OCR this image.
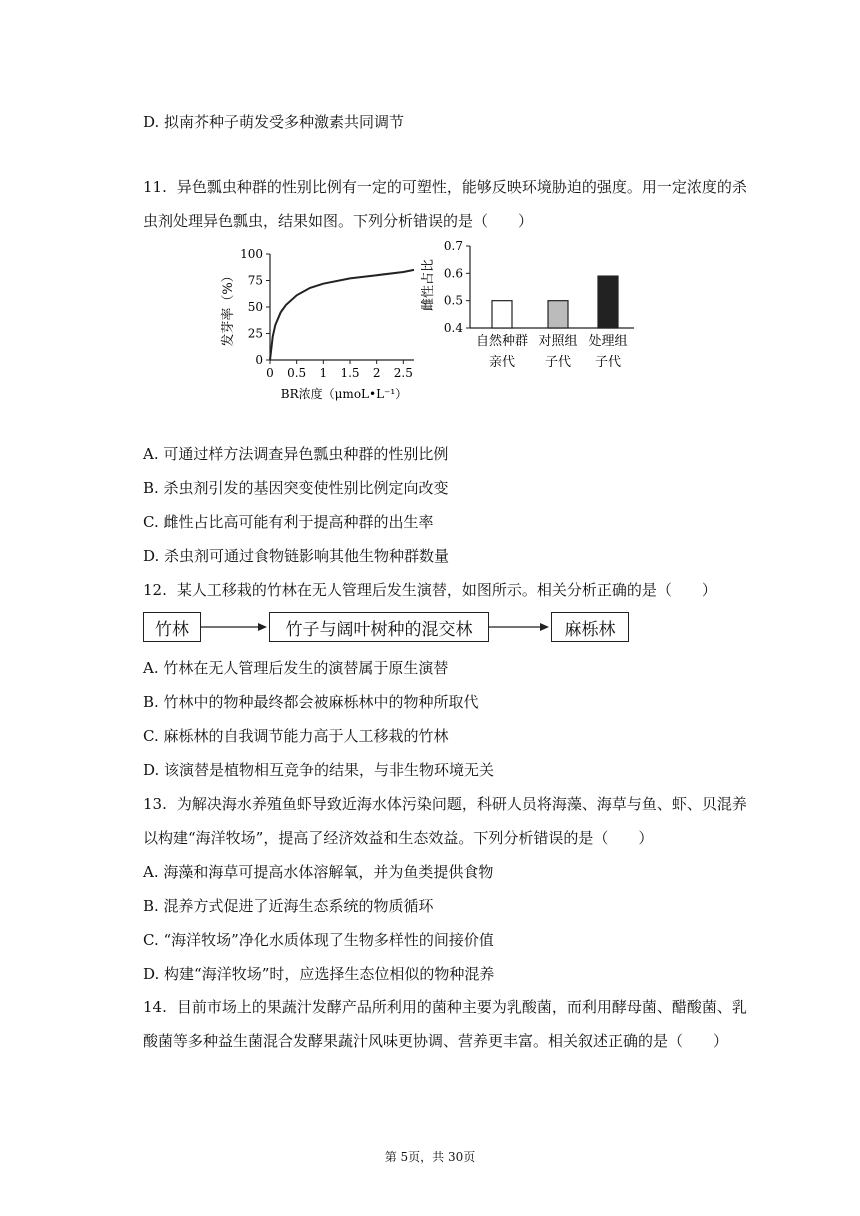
D. 拟南芥种子萌发受多种激素共同调节
11. 异色瓢虫种群的性别比例有一定的可塑性，能够反映环境胁迫的强度。用一定浓度的杀虫剂处理异色瓢虫，结果如图。下列分析错误的是（　　）
0
25
50
75
100
0 0.5 1 1.5 2 2.5
发芽率（%）
BR浓度（μmoL•L⁻¹）
0.4
0.5
0.6
0.7
自然种群
亲代
对照组
子代
处理组
子代
雌性占比
A. 可通过样方法调查异色瓢虫种群的性别比例
B. 杀虫剂引发的基因突变使性别比例定向改变
C. 雌性占比高可能有利于提高种群的出生率
D. 杀虫剂可通过食物链影响其他生物种群数量
12. 某人工移栽的竹林在无人管理后发生演替，如图所示。相关分析正确的是（　　）
竹林	竹子与阔叶树种的混交林	麻栎林
A. 竹林在无人管理后发生的演替属于原生演替
B. 竹林中的物种最终都会被麻栎林中的物种所取代
C. 麻栎林的自我调节能力高于人工移栽的竹林
D. 该演替是植物相互竞争的结果，与非生物环境无关
13. 为解决海水养殖鱼虾导致近海水体污染问题，科研人员将海藻、海草与鱼、虾、贝混养以构建“海洋牧场”，提高了经济效益和生态效益。下列分析错误的是（　　）
A. 海藻和海草可提高水体溶解氧，并为鱼类提供食物
B. 混养方式促进了近海生态系统的物质循环
C. “海洋牧场”净化水质体现了生物多样性的间接价值
D. 构建“海洋牧场”时，应选择生态位相似的物种混养
14. 目前市场上的果蔬汁发酵产品所利用的菌种主要为乳酸菌，而利用酵母菌、醋酸菌、乳酸菌等多种益生菌混合发酵果蔬汁风味更协调、营养更丰富。相关叙述正确的是（　　）
第 5页，共 30页
